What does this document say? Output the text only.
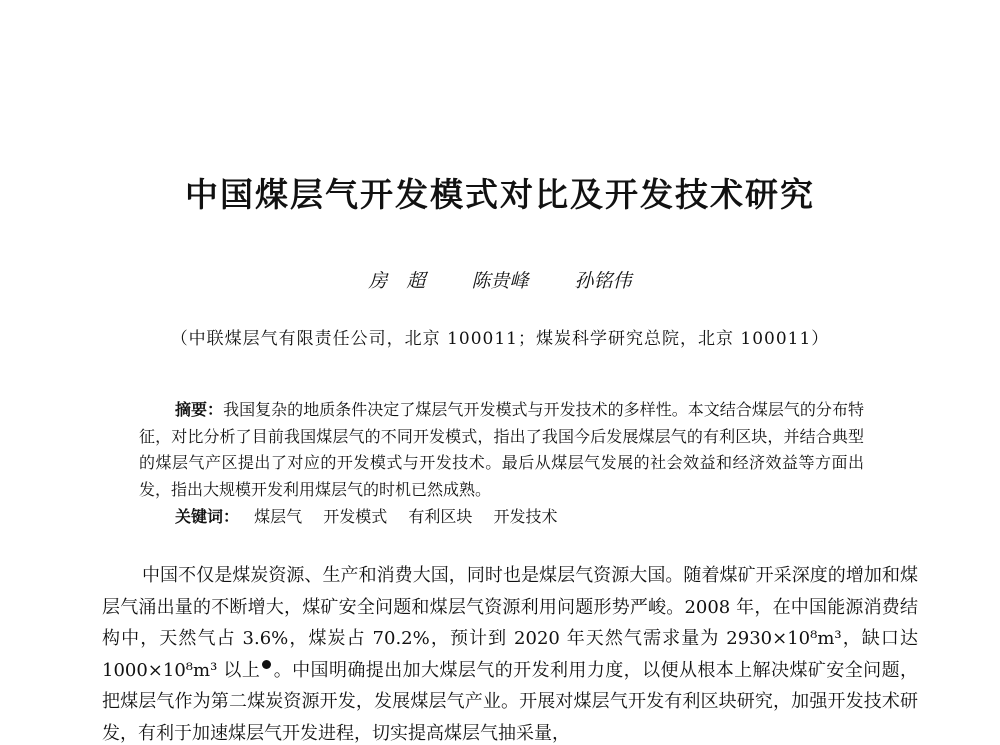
中国煤层气开发模式对比及开发技术研究
房　超 陈贵峰 孙铭伟
（中联煤层气有限责任公司，北京 100011；煤炭科学研究总院，北京 100011）

摘要：我国复杂的地质条件决定了煤层气开发模式与开发技术的多样性。本文结合煤层气的分布特征，对比分析了目前我国煤层气的不同开发模式，指出了我国今后发展煤层气的有利区块，并结合典型的煤层气产区提出了对应的开发模式与开发技术。最后从煤层气发展的社会效益和经济效益等方面出发，指出大规模开发利用煤层气的时机已然成熟。

关键词： 煤层气 开发模式 有利区块 开发技术

中国不仅是煤炭资源、生产和消费大国，同时也是煤层气资源大国。随着煤矿开采深度的增加和煤层气涌出量的不断增大，煤矿安全问题和煤层气资源利用问题形势严峻。2008 年，在中国能源消费结构中，天然气占 3.6%，煤炭占 70.2%，预计到 2020 年天然气需求量为 2930×10⁸m³，缺口达 1000×10⁸m³ 以上 。中国明确提出加大煤层气的开发利用力度，以便从根本上解决煤矿安全问题，把煤层气作为第二煤炭资源开发，发展煤层气产业。开展对煤层气开发有利区块研究，加强开发技术研发，有利于加速煤层气开发进程，切实提高煤层气抽采量，
